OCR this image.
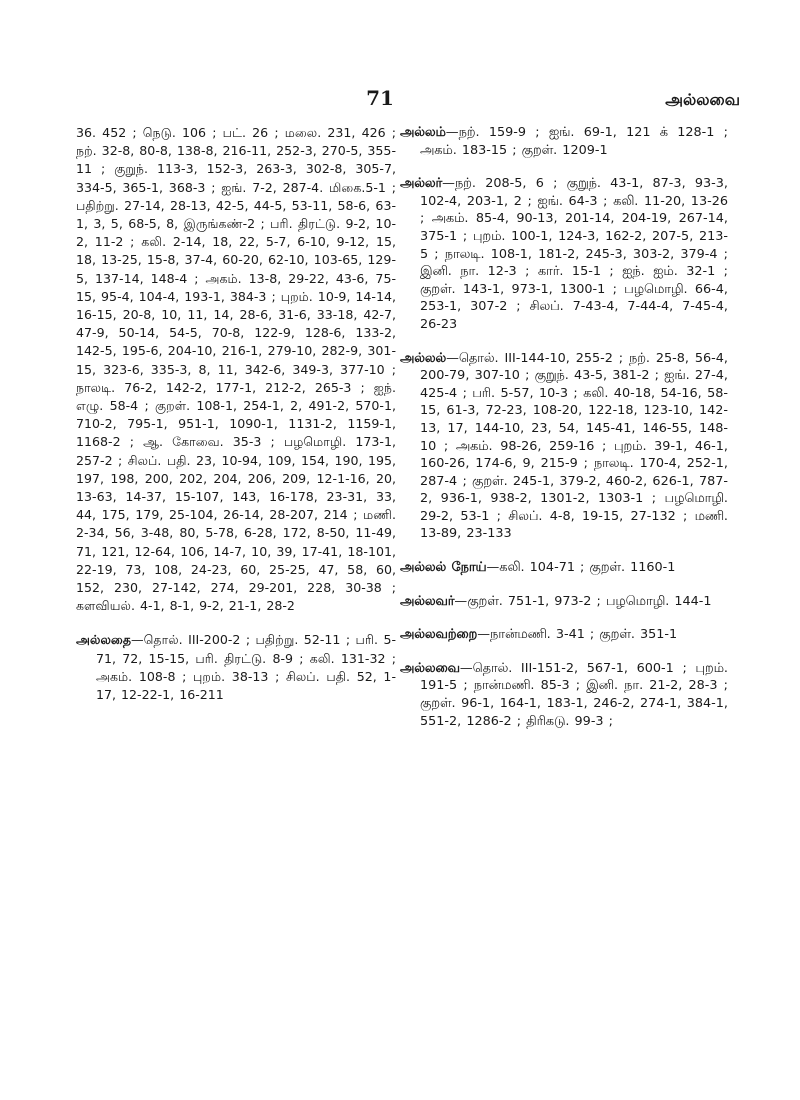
71	அல்லவை

36. 452 ; நெடு. 106 ; பட். 26 ; மலை. 231, 426 ; நற். 32-8, 80-8, 138-8, 216-11, 252-3, 270-5, 355-11 ; குறுந். 113-3, 152-3, 263-3, 302-8, 305-7, 334-5, 365-1, 368-3 ; ஐங். 7-2, 287-4. மிகை.5-1 ; பதிற்று. 27-14, 28-13, 42-5, 44-5, 53-11, 58-6, 63-1, 3, 5, 68-5, 8, இருங்கண்-2 ; பரி. திரட்டு. 9-2, 10-2, 11-2 ; கலி. 2-14, 18, 22, 5-7, 6-10, 9-12, 15, 18, 13-25, 15-8, 37-4, 60-20, 62-10, 103-65, 129-5, 137-14, 148-4 ; அகம். 13-8, 29-22, 43-6, 75-15, 95-4, 104-4, 193-1, 384-3 ; புறம். 10-9, 14-14, 16-15, 20-8, 10, 11, 14, 28-6, 31-6, 33-18, 42-7, 47-9, 50-14, 54-5, 70-8, 122-9, 128-6, 133-2, 142-5, 195-6, 204-10, 216-1, 279-10, 282-9, 301-15, 323-6, 335-3, 8, 11, 342-6, 349-3, 377-10 ; நாலடி. 76-2, 142-2, 177-1, 212-2, 265-3 ; ஐந். எழு. 58-4 ; குறள். 108-1, 254-1, 2, 491-2, 570-1, 710-2, 795-1, 951-1, 1090-1, 1131-2, 1159-1, 1168-2 ; ஆ. கோவை. 35-3 ; பழமொழி. 173-1, 257-2 ; சிலப். பதி. 23, 10-94, 109, 154, 190, 195, 197, 198, 200, 202, 204, 206, 209, 12-1-16, 20, 13-63, 14-37, 15-107, 143, 16-178, 23-31, 33, 44, 175, 179, 25-104, 26-14, 28-207, 214 ; மணி. 2-34, 56, 3-48, 80, 5-78, 6-28, 172, 8-50, 11-49, 71, 121, 12-64, 106, 14-7, 10, 39, 17-41, 18-101, 22-19, 73, 108, 24-23, 60, 25-25, 47, 58, 60, 152, 230, 27-142, 274, 29-201, 228, 30-38 ; களவியல். 4-1, 8-1, 9-2, 21-1, 28-2

அல்லதை—தொல். III-200-2 ; பதிற்று. 52-11 ; பரி. 5-71, 72, 15-15, பரி. திரட்டு. 8-9 ; கலி. 131-32 ; அகம். 108-8 ; புறம். 38-13 ; சிலப். பதி. 52, 1-17, 12-22-1, 16-211

அல்லம்—நற். 159-9 ; ஐங். 69-1, 121 க் 128-1 ; அகம். 183-15 ; குறள். 1209-1

அல்லர்—நற். 208-5, 6 ; குறுந். 43-1, 87-3, 93-3, 102-4, 203-1, 2 ; ஐங். 64-3 ; கலி. 11-20, 13-26 ; அகம். 85-4, 90-13, 201-14, 204-19, 267-14, 375-1 ; புறம். 100-1, 124-3, 162-2, 207-5, 213-5 ; நாலடி. 108-1, 181-2, 245-3, 303-2, 379-4 ; இனி. நா. 12-3 ; கார். 15-1 ; ஐந். ஐம். 32-1 ; குறள். 143-1, 973-1, 1300-1 ; பழமொழி. 66-4, 253-1, 307-2 ; சிலப். 7-43-4, 7-44-4, 7-45-4, 26-23

அல்லல்—தொல். III-144-10, 255-2 ; நற். 25-8, 56-4, 200-79, 307-10 ; குறுந். 43-5, 381-2 ; ஐங். 27-4, 425-4 ; பரி. 5-57, 10-3 ; கலி. 40-18, 54-16, 58-15, 61-3, 72-23, 108-20, 122-18, 123-10, 142-13, 17, 144-10, 23, 54, 145-41, 146-55, 148-10 ; அகம். 98-26, 259-16 ; புறம். 39-1, 46-1, 160-26, 174-6, 9, 215-9 ; நாலடி. 170-4, 252-1, 287-4 ; குறள். 245-1, 379-2, 460-2, 626-1, 787-2, 936-1, 938-2, 1301-2, 1303-1 ; பழமொழி. 29-2, 53-1 ; சிலப். 4-8, 19-15, 27-132 ; மணி. 13-89, 23-133

அல்லல் நோய்—கலி. 104-71 ; குறள். 1160-1

அல்லவர்—குறள். 751-1, 973-2 ; பழமொழி. 144-1

அல்லவற்றை—நான்மணி. 3-41 ; குறள். 351-1

அல்லவை—தொல். III-151-2, 567-1, 600-1 ; புறம். 191-5 ; நான்மணி. 85-3 ; இனி. நா. 21-2, 28-3 ; குறள். 96-1, 164-1, 183-1, 246-2, 274-1, 384-1, 551-2, 1286-2 ; திரிகடு. 99-3 ;
